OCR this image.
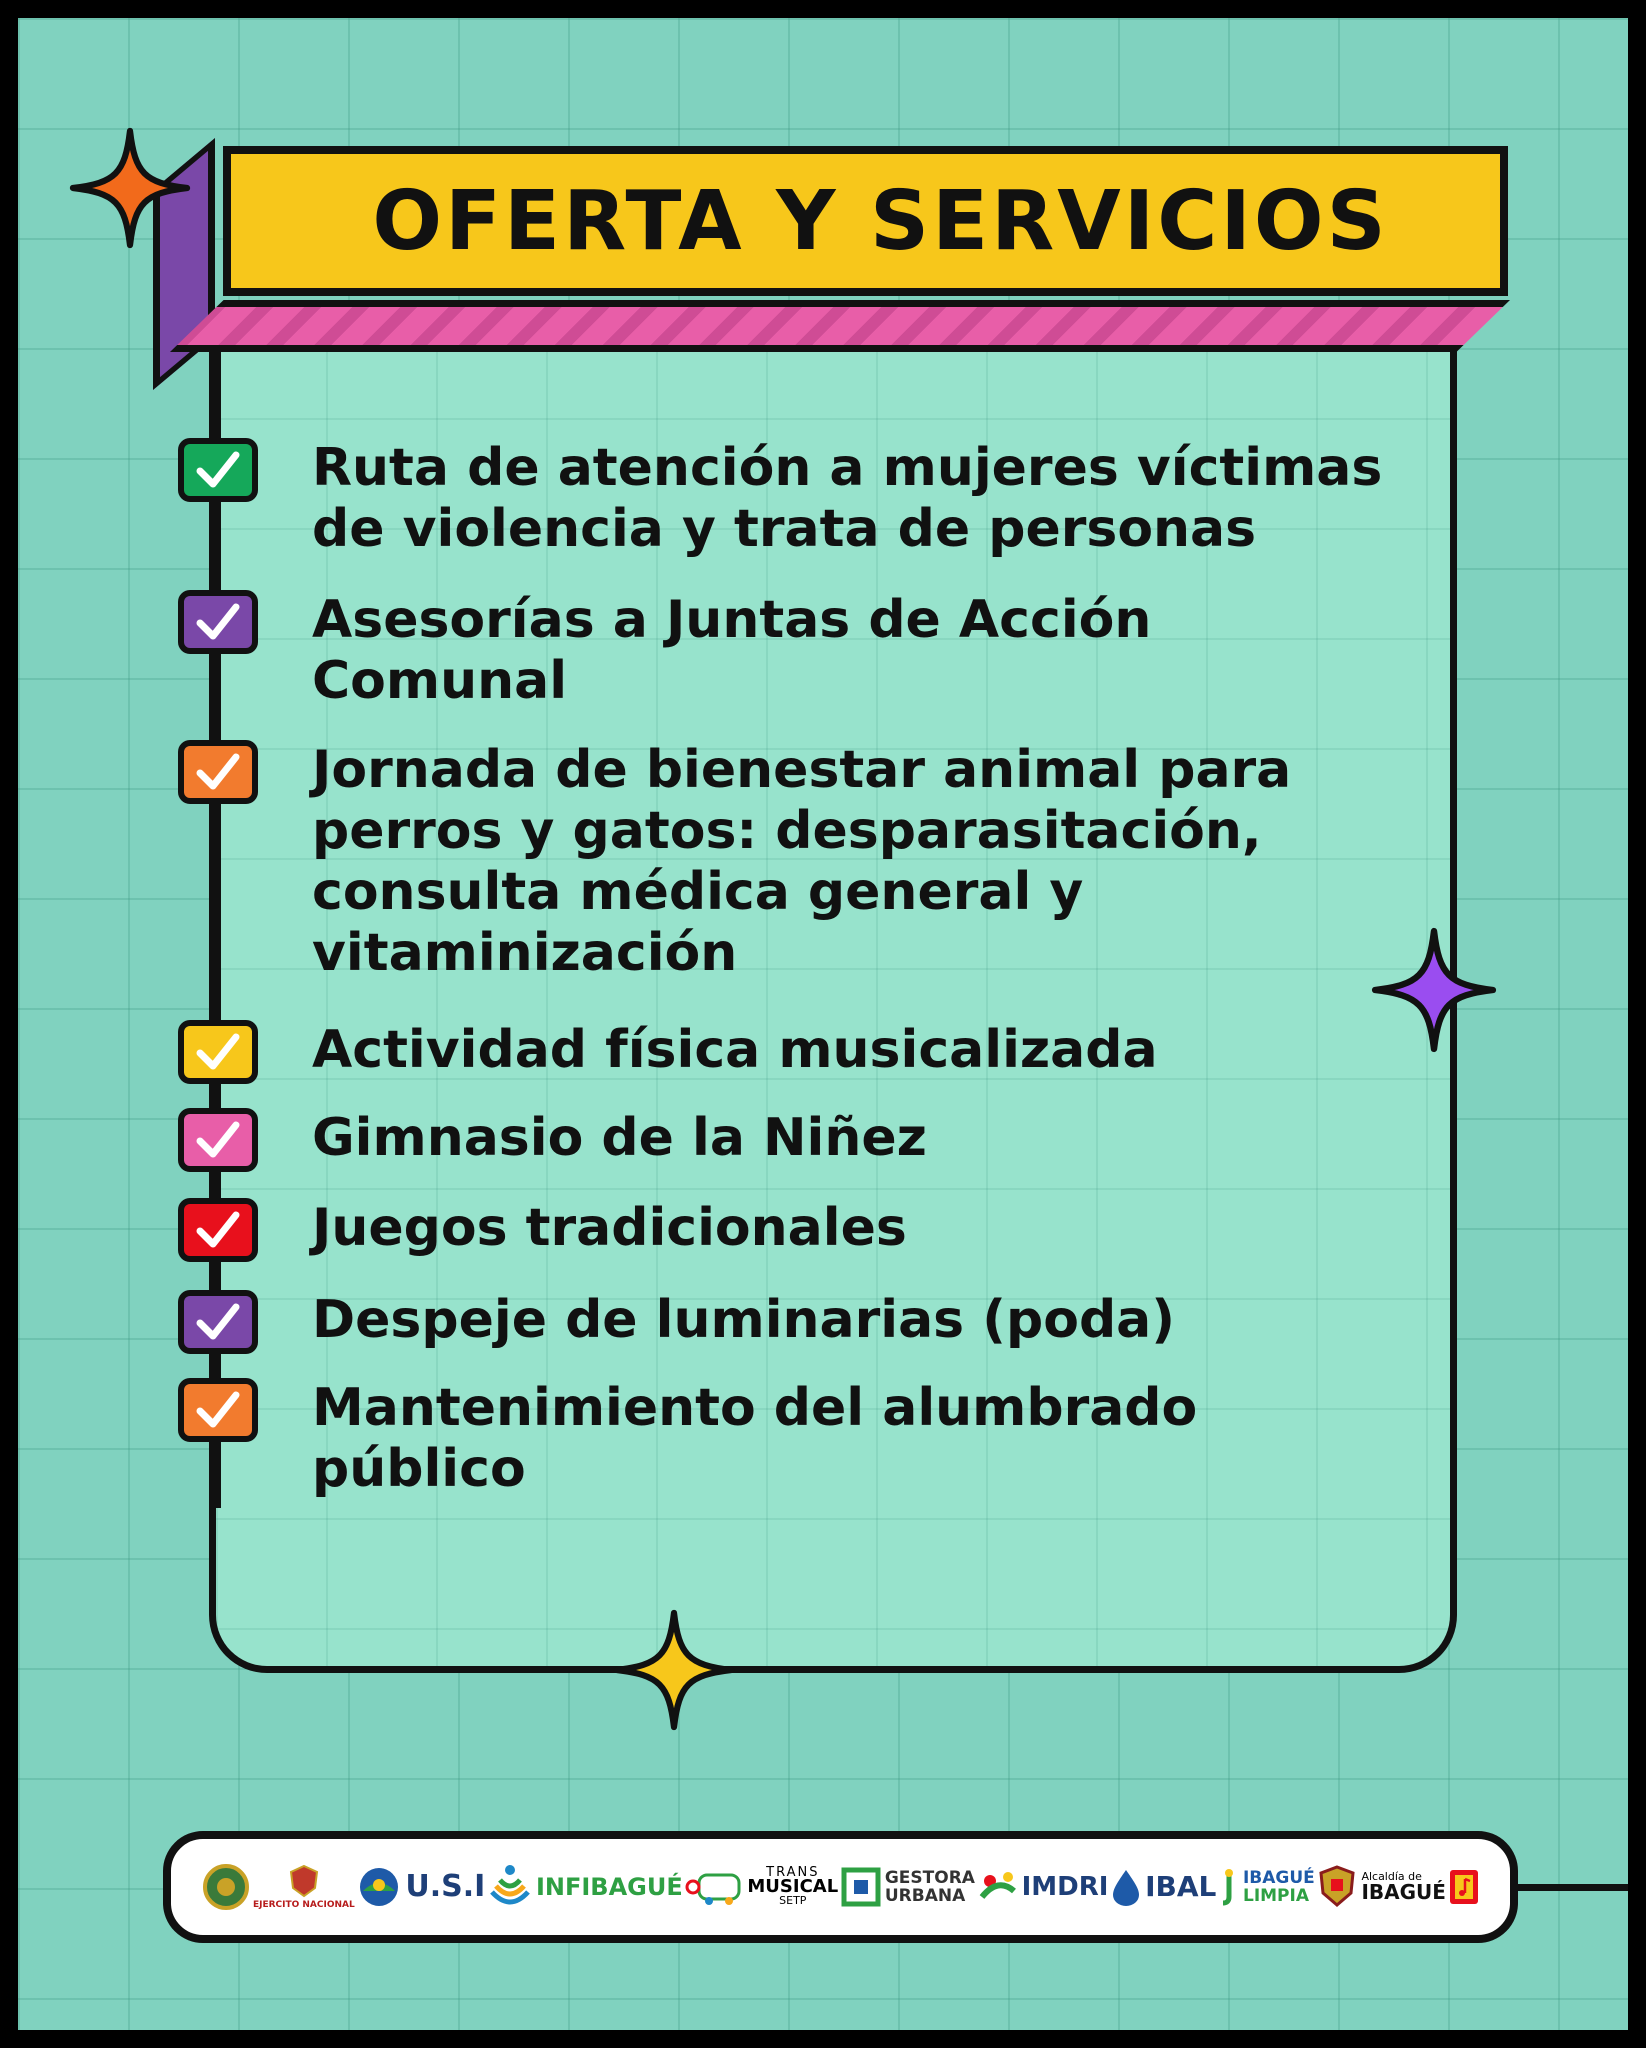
OFERTA Y SERVICIOS
Ruta de atención a mujeres víctimas
de violencia y trata de personas
Asesorías a Juntas de Acción
Comunal
Jornada de bienestar animal para
perros y gatos: desparasitación,
consulta médica general y
vitaminización
Actividad física musicalizada
Gimnasio de la Niñez
Juegos tradicionales
Despeje de luminarias (poda)
Mantenimiento del alumbrado
público
EJERCITO NACIONAL
U.S.I INFIBAGUÉ
TRANS
MUSICAL
SETP
GESTORA
URBANA	IMDRI IBAL IBAGUÉ
LIMPIA
Alcaldía de
IBAGUÉ
